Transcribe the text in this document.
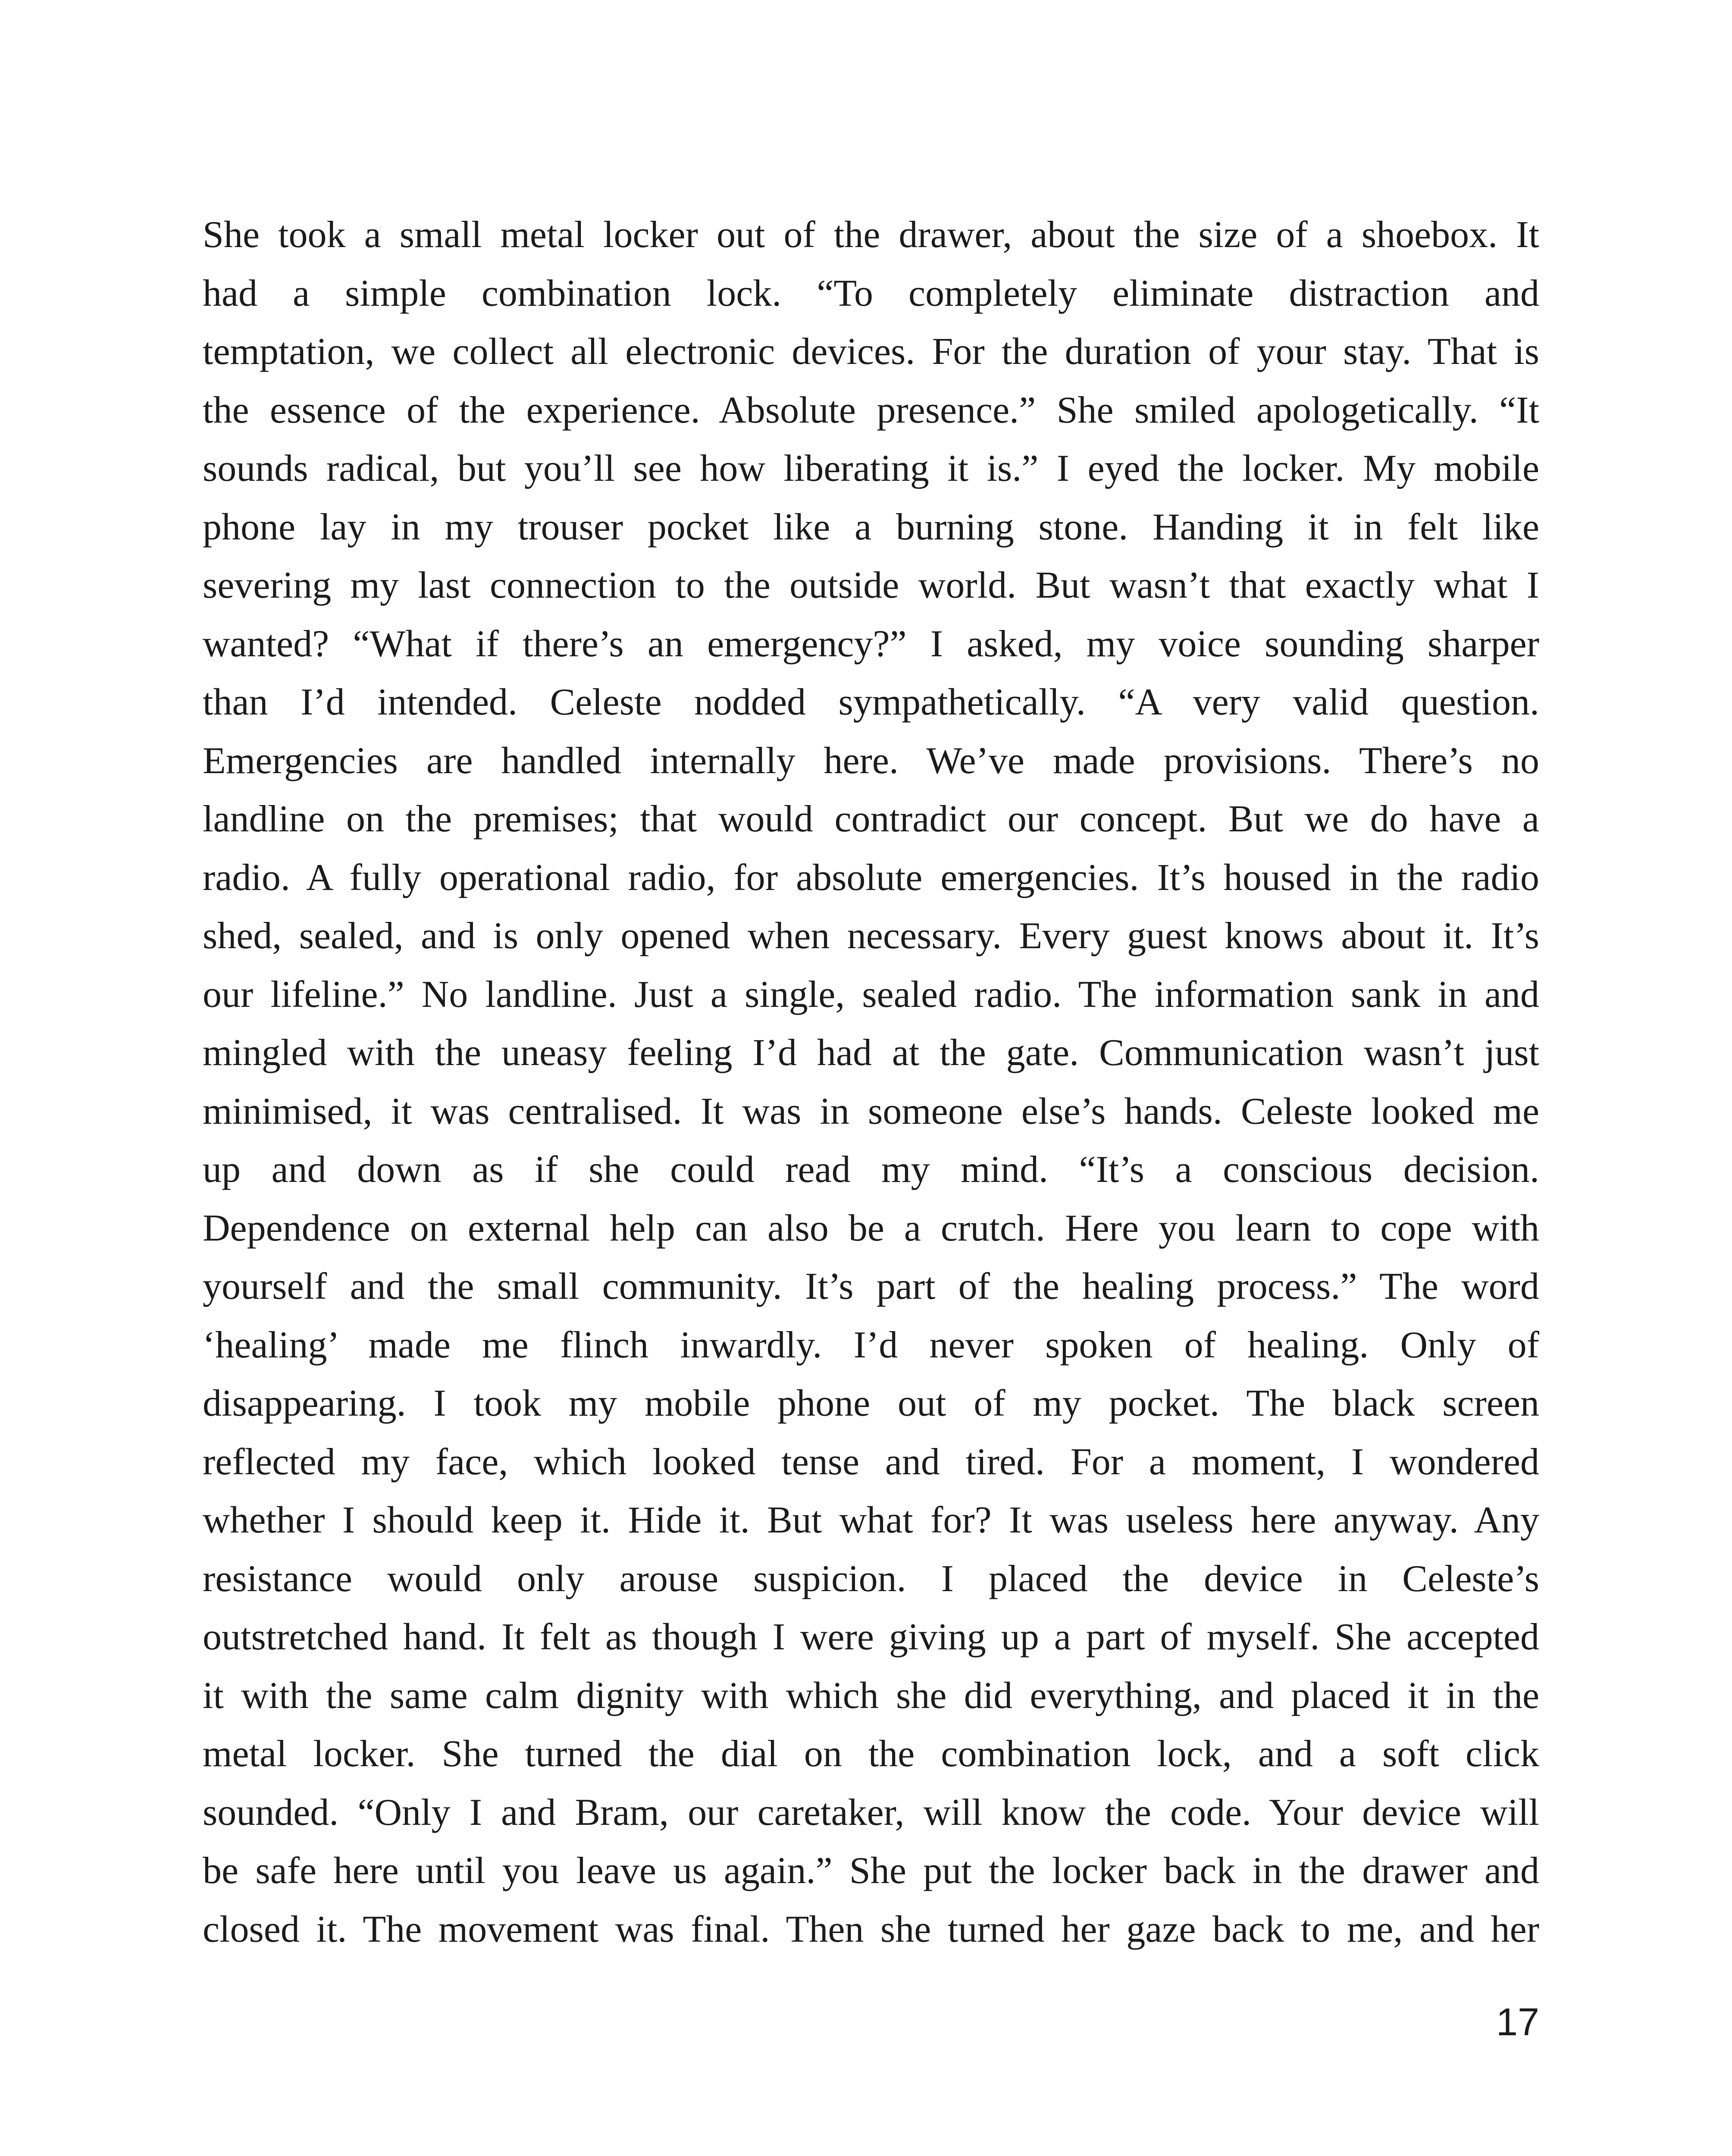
She took a small metal locker out of the drawer, about the size of a shoebox. It
had a simple combination lock. “To completely eliminate distraction and
temptation, we collect all electronic devices. For the duration of your stay. That is
the essence of the experience. Absolute presence.” She smiled apologetically. “It
sounds radical, but you’ll see how liberating it is.” I eyed the locker. My mobile
phone lay in my trouser pocket like a burning stone. Handing it in felt like
severing my last connection to the outside world. But wasn’t that exactly what I
wanted? “What if there’s an emergency?” I asked, my voice sounding sharper
than I’d intended. Celeste nodded sympathetically. “A very valid question.
Emergencies are handled internally here. We’ve made provisions. There’s no
landline on the premises; that would contradict our concept. But we do have a
radio. A fully operational radio, for absolute emergencies. It’s housed in the radio
shed, sealed, and is only opened when necessary. Every guest knows about it. It’s
our lifeline.” No landline. Just a single, sealed radio. The information sank in and
mingled with the uneasy feeling I’d had at the gate. Communication wasn’t just
minimised, it was centralised. It was in someone else’s hands. Celeste looked me
up and down as if she could read my mind. “It’s a conscious decision.
Dependence on external help can also be a crutch. Here you learn to cope with
yourself and the small community. It’s part of the healing process.” The word
‘healing’ made me flinch inwardly. I’d never spoken of healing. Only of
disappearing. I took my mobile phone out of my pocket. The black screen
reflected my face, which looked tense and tired. For a moment, I wondered
whether I should keep it. Hide it. But what for? It was useless here anyway. Any
resistance would only arouse suspicion. I placed the device in Celeste’s
outstretched hand. It felt as though I were giving up a part of myself. She accepted
it with the same calm dignity with which she did everything, and placed it in the
metal locker. She turned the dial on the combination lock, and a soft click
sounded. “Only I and Bram, our caretaker, will know the code. Your device will
be safe here until you leave us again.” She put the locker back in the drawer and
closed it. The movement was final. Then she turned her gaze back to me, and her
17
